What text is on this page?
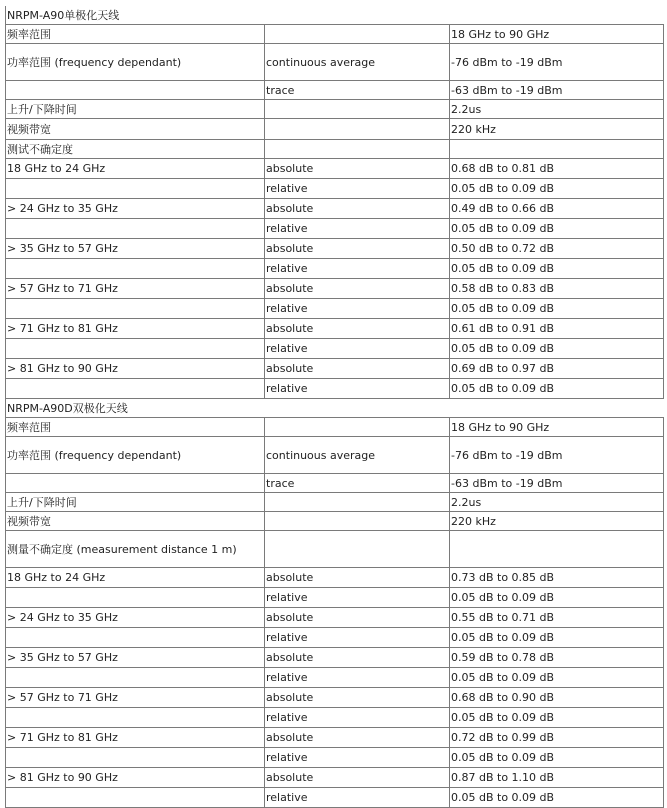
NRPM-A90单极化天线		
频率范围		18 GHz to 90 GHz
功率范围 (frequency dependant)	continuous average	-76 dBm to -19 dBm
	trace	-63 dBm to -19 dBm
上升/下降时间		2.2us
视频带宽		220 kHz
测试不确定度		
18 GHz to 24 GHz	absolute	0.68 dB to 0.81 dB
	relative	0.05 dB to 0.09 dB
> 24 GHz to 35 GHz	absolute	0.49 dB to 0.66 dB
	relative	0.05 dB to 0.09 dB
> 35 GHz to 57 GHz	absolute	0.50 dB to 0.72 dB
	relative	0.05 dB to 0.09 dB
> 57 GHz to 71 GHz	absolute	0.58 dB to 0.83 dB
	relative	0.05 dB to 0.09 dB
> 71 GHz to 81 GHz	absolute	0.61 dB to 0.91 dB
	relative	0.05 dB to 0.09 dB
> 81 GHz to 90 GHz	absolute	0.69 dB to 0.97 dB
	relative	0.05 dB to 0.09 dB
NRPM-A90D双极化天线		
频率范围		18 GHz to 90 GHz
功率范围 (frequency dependant)	continuous average	-76 dBm to -19 dBm
	trace	-63 dBm to -19 dBm
上升/下降时间		2.2us
视频带宽		220 kHz
测量不确定度 (measurement distance 1 m)		
18 GHz to 24 GHz	absolute	0.73 dB to 0.85 dB
	relative	0.05 dB to 0.09 dB
> 24 GHz to 35 GHz	absolute	0.55 dB to 0.71 dB
	relative	0.05 dB to 0.09 dB
> 35 GHz to 57 GHz	absolute	0.59 dB to 0.78 dB
	relative	0.05 dB to 0.09 dB
> 57 GHz to 71 GHz	absolute	0.68 dB to 0.90 dB
	relative	0.05 dB to 0.09 dB
> 71 GHz to 81 GHz	absolute	0.72 dB to 0.99 dB
	relative	0.05 dB to 0.09 dB
> 81 GHz to 90 GHz	absolute	0.87 dB to 1.10 dB
	relative	0.05 dB to 0.09 dB
